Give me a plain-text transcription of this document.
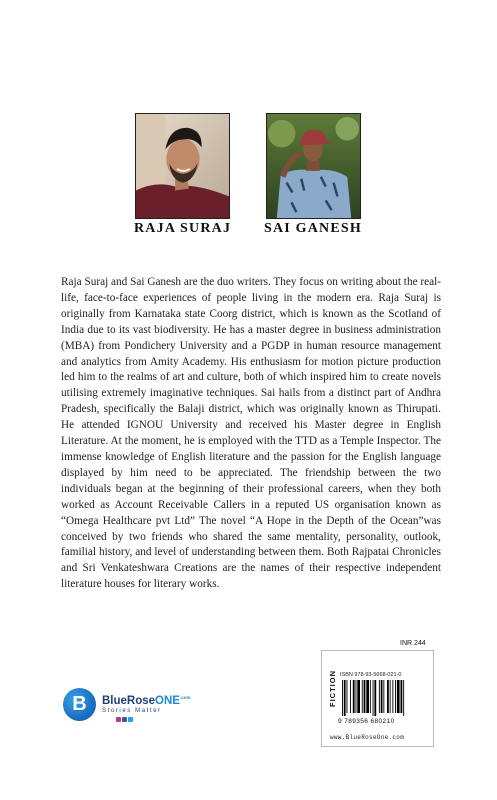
RAJA SURAJ SAI GANESH

Raja Suraj and Sai Ganesh are the duo writers. They focus on writing about the real-life, face-to-face experiences of people living in the modern era. Raja Suraj is originally from Karnataka state Coorg district, which is known as the Scotland of India due to its vast biodiversity. He has a master degree in business administration (MBA) from Pondichery University and a PGDP in human resource management and analytics from Amity Academy. His enthusiasm for motion picture production led him to the realms of art and culture, both of which inspired him to create novels utilising extremely imaginative techniques. Sai hails from a distinct part of Andhra Pradesh, specifically the Balaji district, which was originally known as Thirupati. He attended IGNOU University and received his Master degree in English Literature. At the moment, he is employed with the TTD as a Temple Inspector. The immense knowledge of English literature and the passion for the English language displayed by him need to be appreciated. The friendship between the two individuals began at the beginning of their professional careers, when they both worked as Account Receivable Callers in a reputed US organisation known as “Omega Healthcare pvt Ltd” The novel “A Hope in the Depth of the Ocean”was conceived by two friends who shared the same mentality, personality, outlook, familial history, and level of understanding between them. Both Rajpatai Chronicles and Sri Venkateshwara Creations are the names of their respective independent literature houses for literary works.

B	BlueRoseONE$^{.com}$
Stories Matter
INR 244
FICTION ISBN 978-93-5668-021-0
9 789356 680210
www.BlueRoseOne.com
